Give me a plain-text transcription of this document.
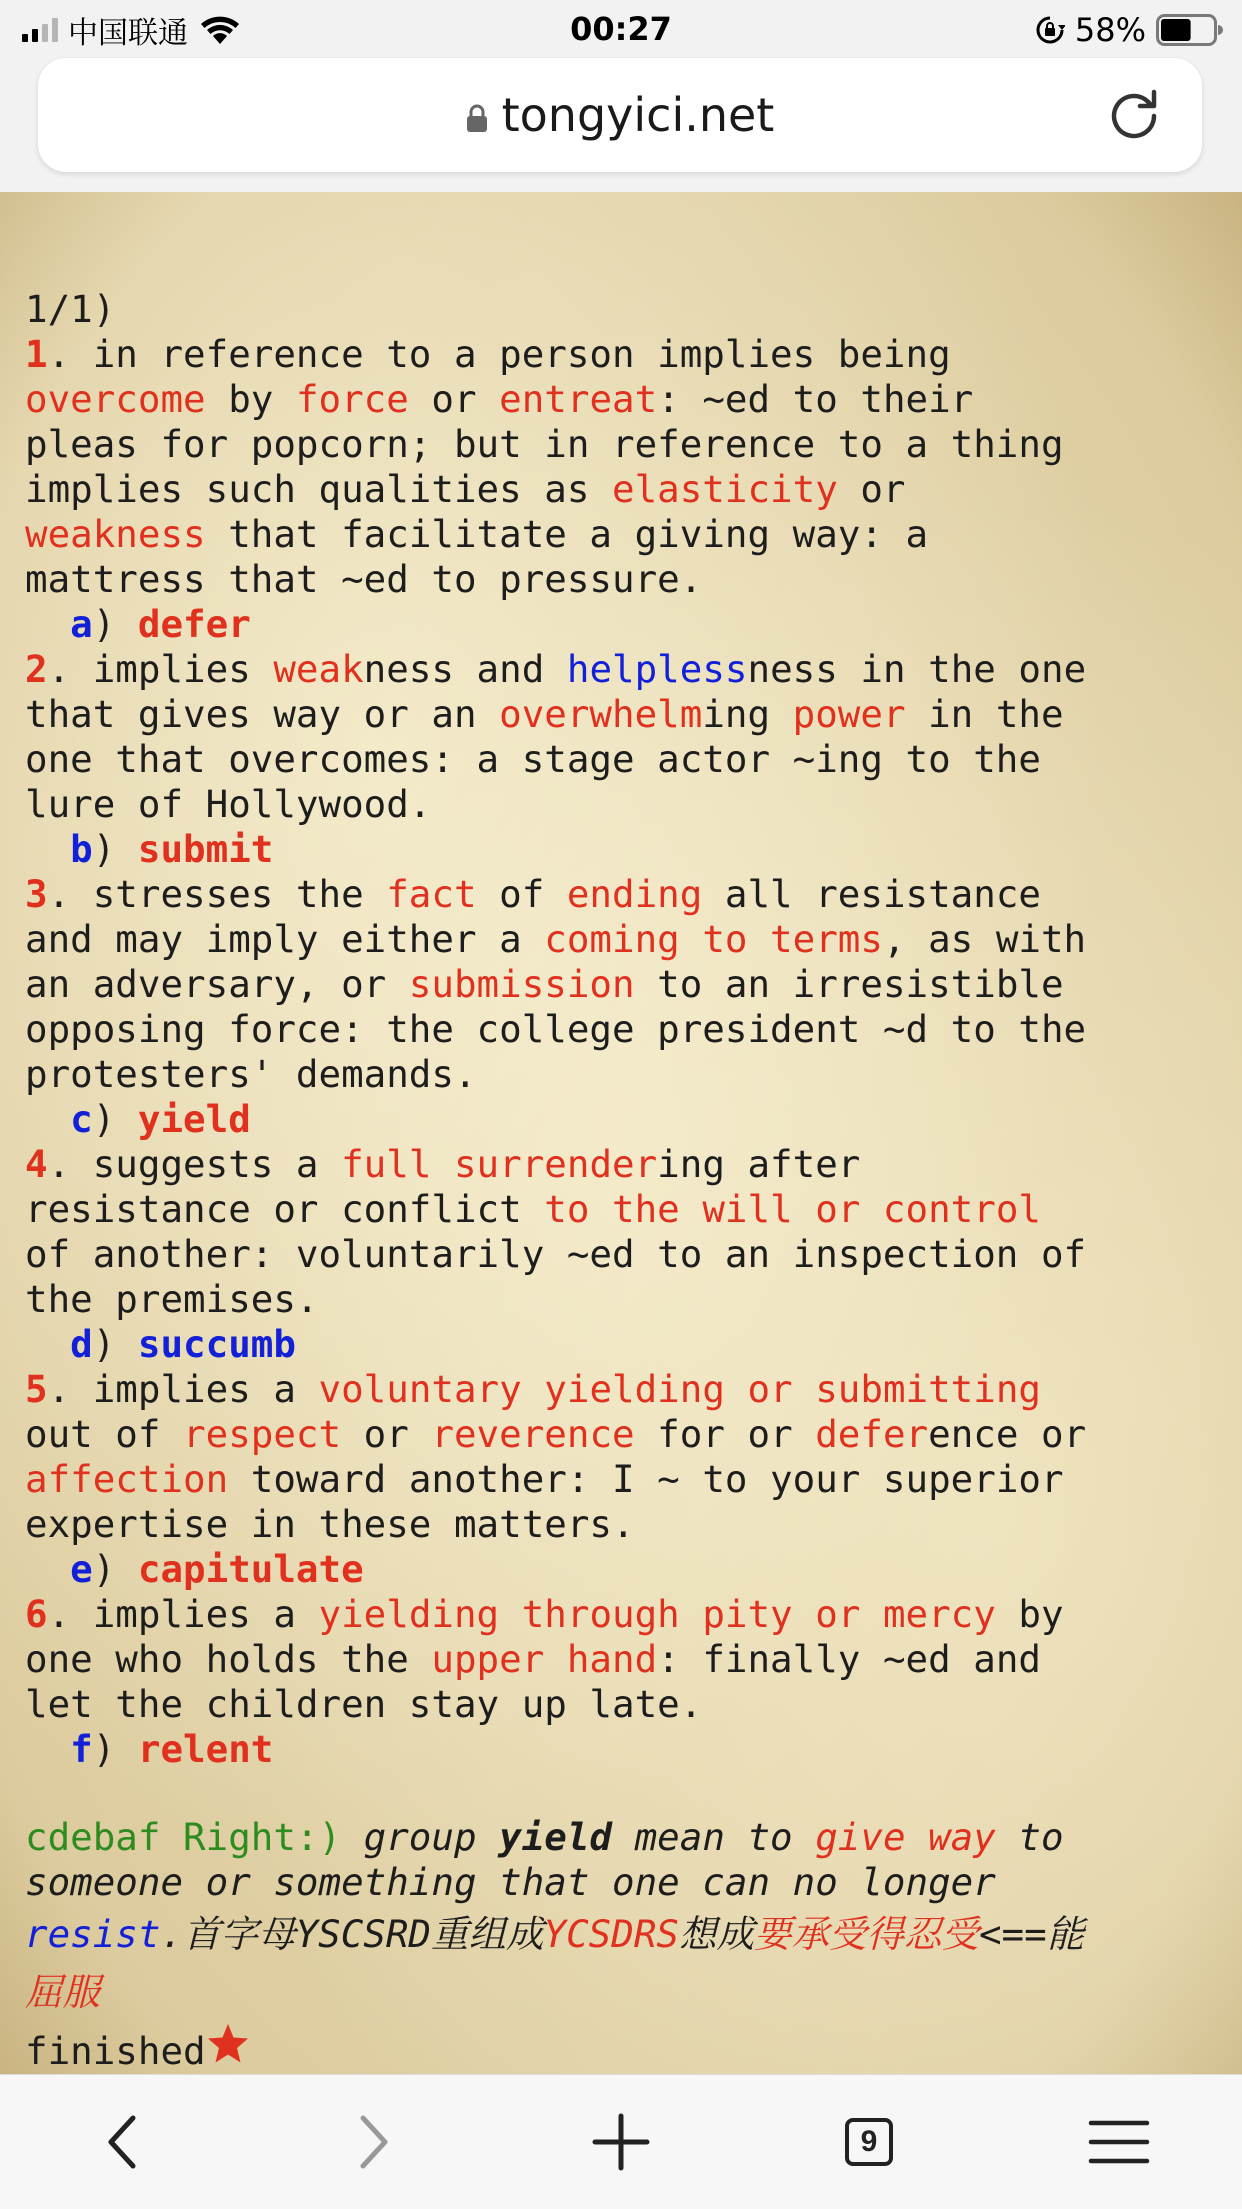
中国联通	00:27	58%
tongyici.net

1/1)
1. in reference to a person implies being
overcome by force or entreat: ~ed to their
pleas for popcorn; but in reference to a thing
implies such qualities as elasticity or
weakness that facilitate a giving way: a
mattress that ~ed to pressure.
a) defer
2. implies weakness and helplessness in the one
that gives way or an overwhelming power in the
one that overcomes: a stage actor ~ing to the
lure of Hollywood.
b) submit
3. stresses the fact of ending all resistance
and may imply either a coming to terms, as with
an adversary, or submission to an irresistible
opposing force: the college president ~d to the
protesters' demands.
c) yield
4. suggests a full surrendering after
resistance or conflict to the will or control
of another: voluntarily ~ed to an inspection of
the premises.
d) succumb
5. implies a voluntary yielding or submitting
out of respect or reverence for or deference or
affection toward another: I ~ to your superior
expertise in these matters.
e) capitulate
6. implies a yielding through pity or mercy by
one who holds the upper hand: finally ~ed and
let the children stay up late.
f) relent
cdebaf Right:) group yield mean to give way to
someone or something that one can no longer
resist.首字母YSCSRD重组成YCSDRS想成要承受得忍受<==能
屈服

finished
9
